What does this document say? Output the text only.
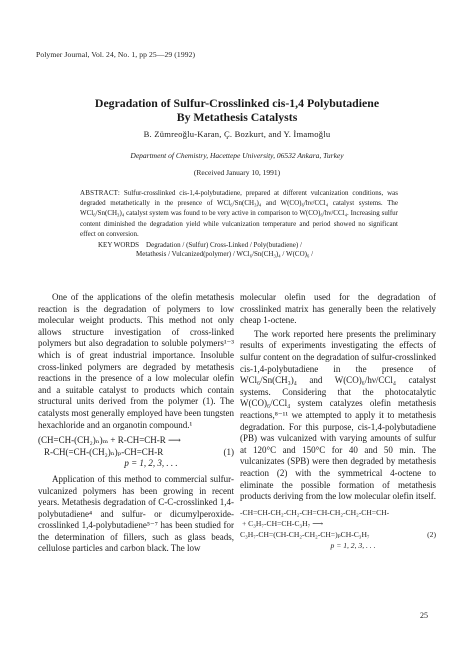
Polymer Journal, Vol. 24, No. 1, pp 25—29 (1992)
Degradation of Sulfur-Crosslinked cis-1,4 Polybutadiene
By Metathesis Catalysts
B. Zümreoğlu-Karan, Ç. Bozkurt, and Y. İmamoğlu
Department of Chemistry, Hacettepe University, 06532 Ankara, Turkey
(Received January 10, 1991)
ABSTRACT: Sulfur-crosslinked cis-1,4-polybutadiene, prepared at different vulcanization conditions, was degraded metathetically in the presence of WCl₆/Sn(CH₃)₄ and W(CO)₆/hν/CCl₄ catalyst systems. The WCl₆/Sn(CH₃)₄ catalyst system was found to be very active in comparison to W(CO)₆/hν/CCl₄. Increasing sulfur content diminished the degradation yield while vulcanization temperature and period showed no significant effect on conversion.
KEY WORDS Degradation / (Sulfur) Cross-Linked / Poly(butadiene) /
Metathesis / Vulcanized(polymer) / WCl₆/Sn(CH₃)₄ / W(CO)₆ /

One of the applications of the olefin metathesis reaction is the degradation of polymers to low molecular weight products. This method not only allows structure investigation of cross-linked polymers but also degradation to soluble polymers¹⁻³ which is of great industrial importance. Insoluble cross-linked polymers are degraded by metathesis reactions in the presence of a low molecular olefin and a suitable catalyst to products which contain structural units derived from the polymer (1). The catalysts most generally employed have been tungsten hexachloride and an organotin compound.¹

(CH=CH-(CH₂)ₙ)ₘ + R-CH=CH-R ⟶
R-CH(=CH-(CH₂)ₙ)ₚ-CH=CH-R	(1)
p = 1, 2, 3, . . .

Application of this method to commercial sulfur-vulcanized polymers has been growing in recent years. Metathesis degradation of C-C-crosslinked 1,4-polybutadiene⁴ and sulfur- or dicumylperoxide-crosslinked 1,4-polybutadiene⁵⁻⁷ has been studied for the determination of fillers, such as glass beads, cellulose particles and carbon black. The low

molecular olefin used for the degradation of crosslinked matrix has generally been the relatively cheap 1-octene.

The work reported here presents the preliminary results of experiments investigating the effects of sulfur content on the degradation of sulfur-crosslinked cis-1,4-polybutadiene in the presence of WCl₆/Sn(CH₃)₄ and W(CO)₆/hν/CCl₄ catalyst systems. Considering that the photocatalytic W(CO)₆/CCl₄ system catalyzes olefin metathesis reactions,⁸⁻¹¹ we attempted to apply it to metathesis degradation. For this purpose, cis-1,4-polybutadiene (PB) was vulcanized with varying amounts of sulfur at 120°C and 150°C for 40 and 50 min. The vulcanizates (SPB) were then degraded by metathesis reaction (2) with the symmetrical 4-octene to eliminate the possible formation of metathesis products deriving from the low molecular olefin itself.

-CH=CH-CH₂-CH₂-CH=CH-CH₂-CH₂-CH=CH-
+ C₃H₇-CH=CH-C₃H₇ ⟶
C₃H₇-CH=(CH-CH₂-CH₂-CH=)ₚCH-C₃H₇	(2)
p = 1, 2, 3, . . .
25
